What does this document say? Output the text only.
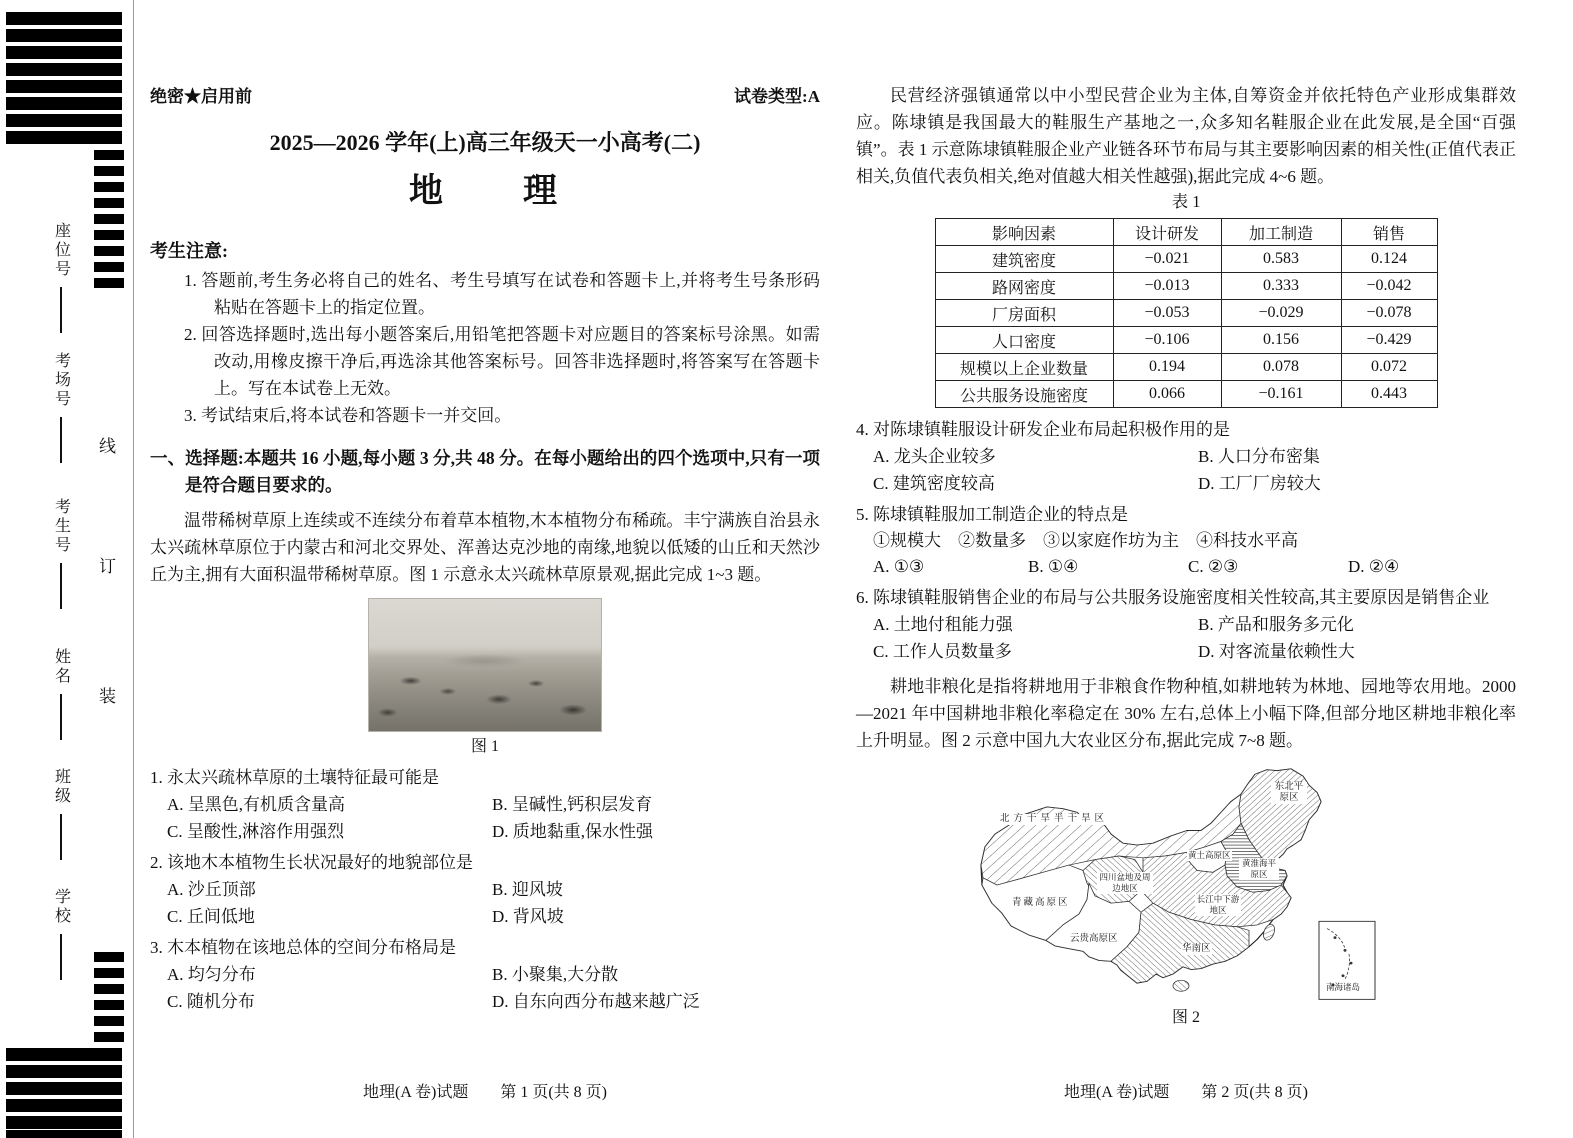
座位号
考场号
考生号
姓名
班级
学校
线
订
装
绝密★启用前	试卷类型:A
2025—2026 学年(上)高三年级天一小高考(二)
地　　理
考生注意:
1. 答题前,考生务必将自己的姓名、考生号填写在试卷和答题卡上,并将考生号条形码粘贴在答题卡上的指定位置。
2. 回答选择题时,选出每小题答案后,用铅笔把答题卡对应题目的答案标号涂黑。如需改动,用橡皮擦干净后,再选涂其他答案标号。回答非选择题时,将答案写在答题卡上。写在本试卷上无效。
3. 考试结束后,将本试卷和答题卡一并交回。
一、选择题:本题共 16 小题,每小题 3 分,共 48 分。在每小题给出的四个选项中,只有一项是符合题目要求的。
温带稀树草原上连续或不连续分布着草本植物,木本植物分布稀疏。丰宁满族自治县永太兴疏林草原位于内蒙古和河北交界处、浑善达克沙地的南缘,地貌以低矮的山丘和天然沙丘为主,拥有大面积温带稀树草原。图 1 示意永太兴疏林草原景观,据此完成 1~3 题。
图 1
1. 永太兴疏林草原的土壤特征最可能是
A. 呈黑色,有机质含量高	B. 呈碱性,钙积层发育
C. 呈酸性,淋溶作用强烈	D. 质地黏重,保水性强
2. 该地木本植物生长状况最好的地貌部位是
A. 沙丘顶部	B. 迎风坡
C. 丘间低地	D. 背风坡
3. 木本植物在该地总体的空间分布格局是
A. 均匀分布	B. 小聚集,大分散
C. 随机分布	D. 自东向西分布越来越广泛
地理(A 卷)试题　　第 1 页(共 8 页)
民营经济强镇通常以中小型民营企业为主体,自筹资金并依托特色产业形成集群效应。陈埭镇是我国最大的鞋服生产基地之一,众多知名鞋服企业在此发展,是全国“百强镇”。表 1 示意陈埭镇鞋服企业产业链各环节布局与其主要影响因素的相关性(正值代表正相关,负值代表负相关,绝对值越大相关性越强),据此完成 4~6 题。
表 1
影响因素	设计研发	加工制造	销售
建筑密度	−0.021	0.583	0.124
路网密度	−0.013	0.333	−0.042
厂房面积	−0.053	−0.029	−0.078
人口密度	−0.106	0.156	−0.429
规模以上企业数量	0.194	0.078	0.072
公共服务设施密度	0.066	−0.161	0.443
4. 对陈埭镇鞋服设计研发企业布局起积极作用的是
A. 龙头企业较多	B. 人口分布密集
C. 建筑密度较高	D. 工厂厂房较大
5. 陈埭镇鞋服加工制造企业的特点是
①规模大　②数量多　③以家庭作坊为主　④科技水平高
A. ①③	B. ①④	C. ②③	D. ②④
6. 陈埭镇鞋服销售企业的布局与公共服务设施密度相关性较高,其主要原因是销售企业
A. 土地付租能力强	B. 产品和服务多元化
C. 工作人员数量多	D. 对客流量依赖性大
耕地非粮化是指将耕地用于非粮食作物种植,如耕地转为林地、园地等农用地。2000—2021 年中国耕地非粮化率稳定在 30% 左右,总体上小幅下降,但部分地区耕地非粮化率上升明显。图 2 示意中国九大农业区分布,据此完成 7~8 题。
东北平原区
北方干旱半干旱区
黄土高原区
黄淮海平原区
青藏高原区
四川盆地及周边地区
长江中下游地区
云贵高原区
华南区
南海诸岛
图 2
地理(A 卷)试题　　第 2 页(共 8 页)
